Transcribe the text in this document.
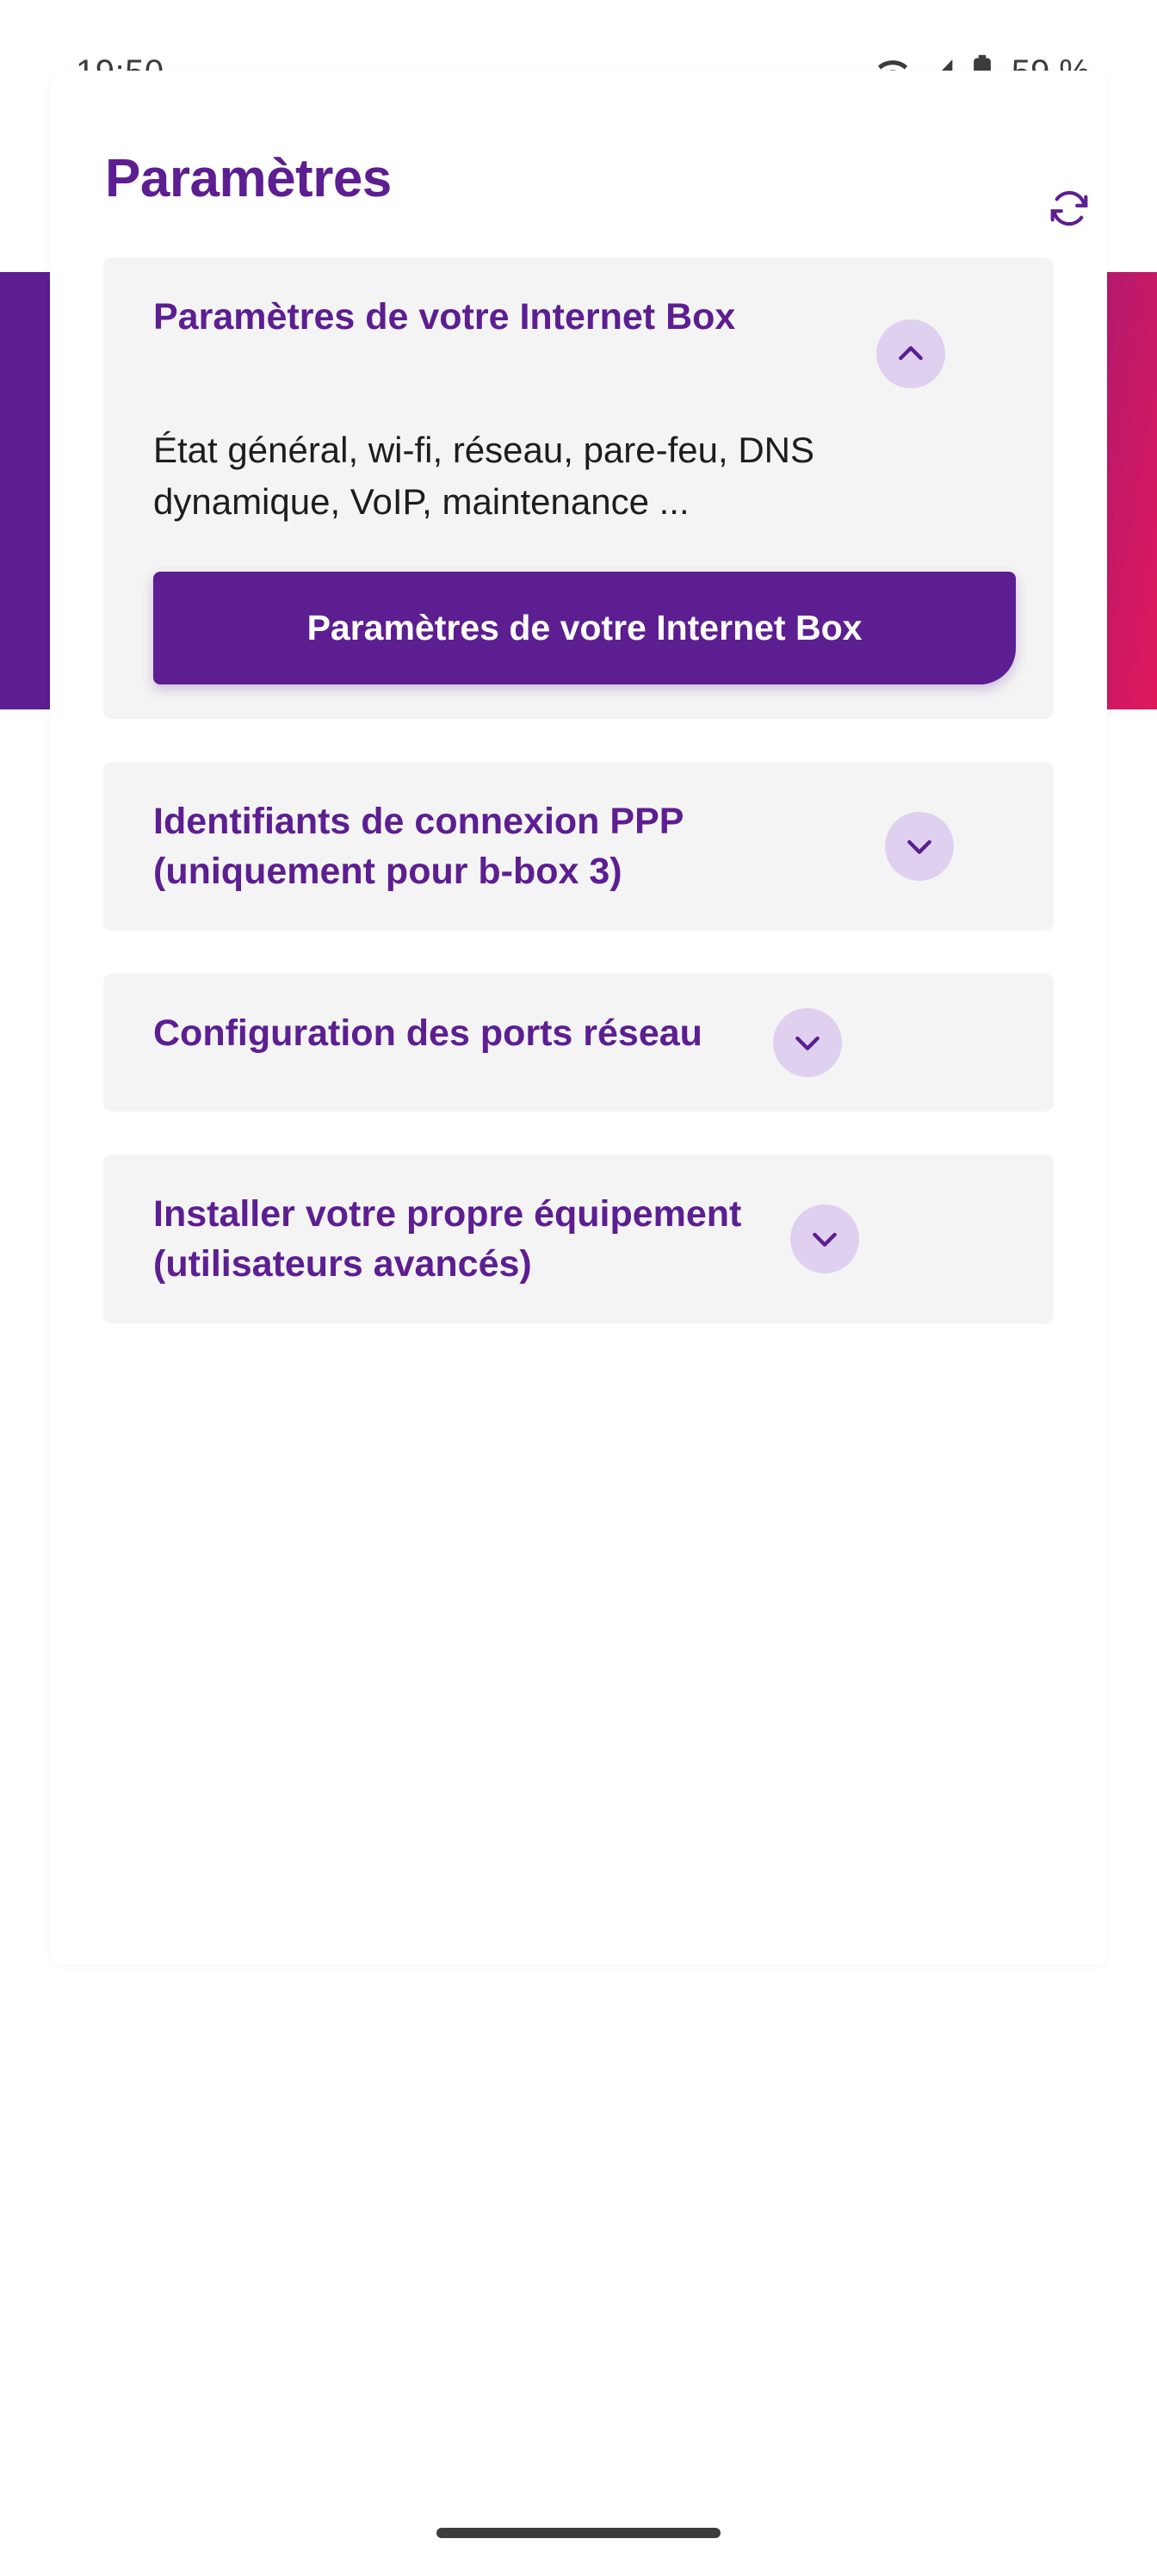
Paramètres
Paramètres de votre Internet Box
État général, wi-fi, réseau, pare-feu, DNS dynamique, VoIP, maintenance ...
Paramètres de votre Internet Box
Identifiants de connexion PPP (uniquement pour b-box 3)
Configuration des ports réseau
Installer votre propre équipement (utilisateurs avancés)
